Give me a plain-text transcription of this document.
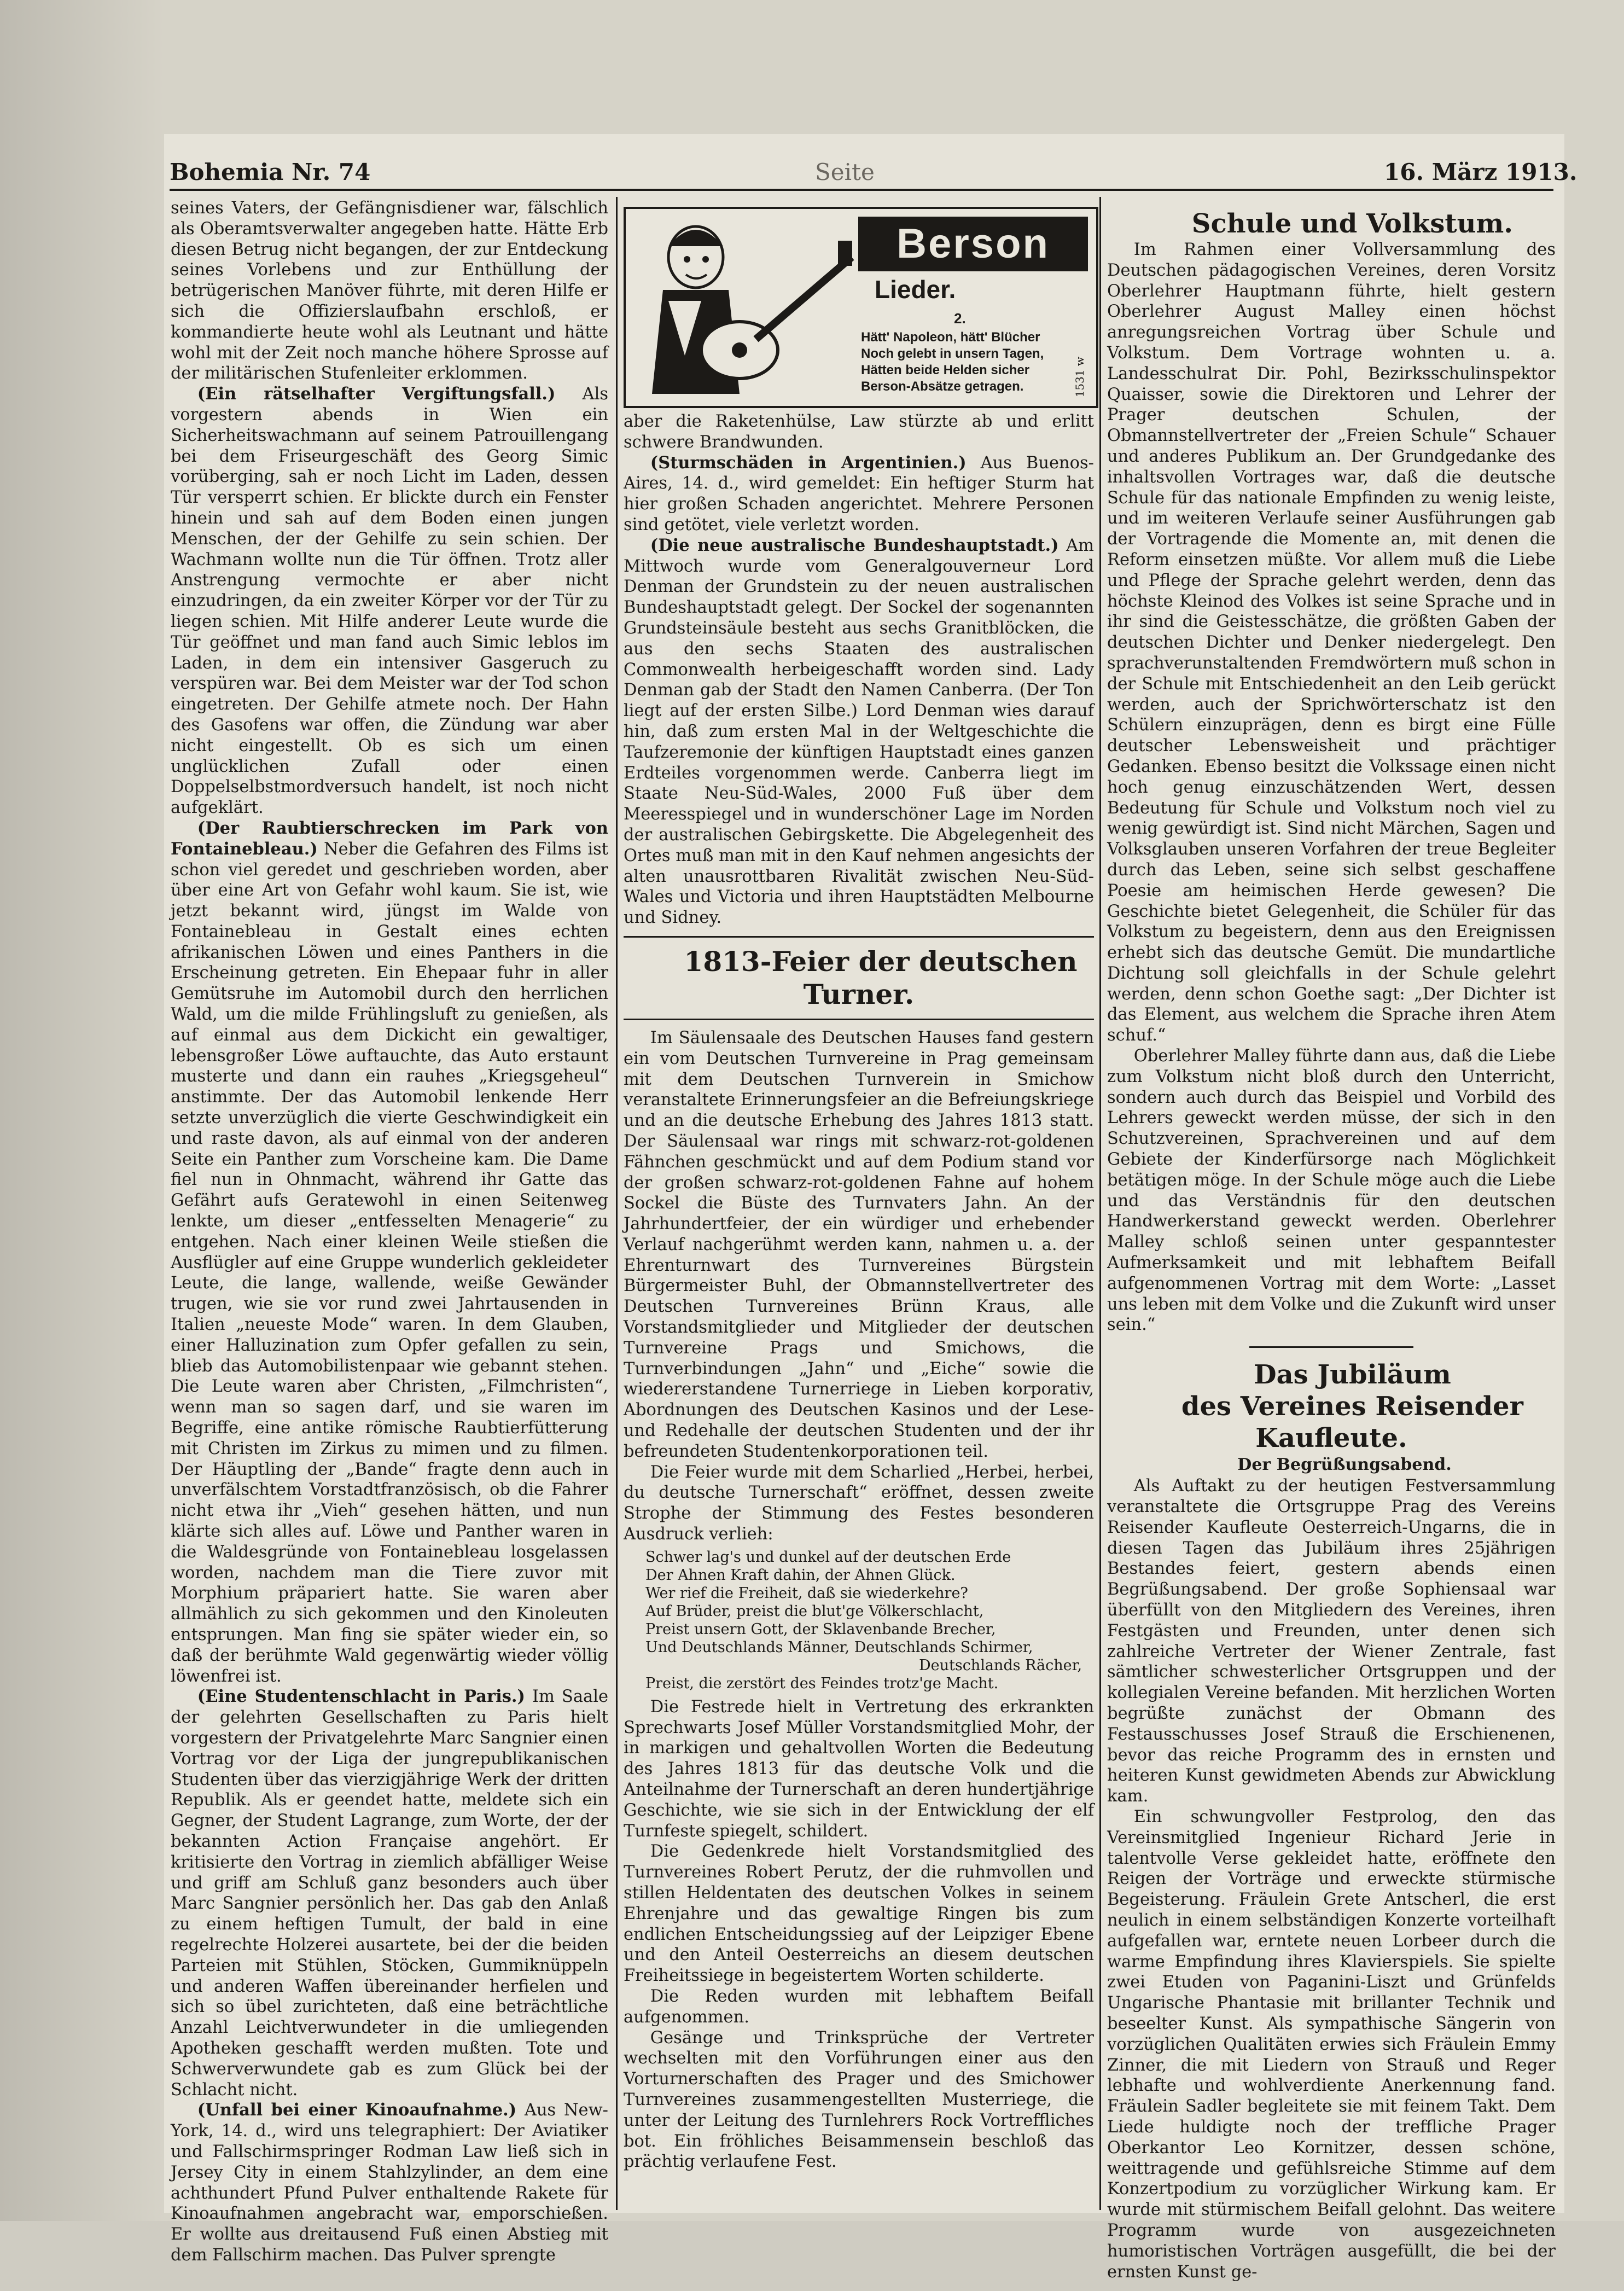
Bohemia Nr. 74	Seite	16. März 1913.

seines Vaters, der Gefängnisdiener war, fälschlich als Oberamtsverwalter angegeben hatte. Hätte Erb diesen Betrug nicht begangen, der zur Entdeckung seines Vorlebens und zur Enthüllung der betrügerischen Manöver führte, mit deren Hilfe er sich die Offizierslaufbahn erschloß, er kommandierte heute wohl als Leutnant und hätte wohl mit der Zeit noch manche höhere Sprosse auf der militärischen Stufenleiter erklommen.

(Ein rätselhafter Vergiftungsfall.) Als vorgestern abends in Wien ein Sicherheitswachmann auf seinem Patrouillengang bei dem Friseurgeschäft des Georg Simic vorüberging, sah er noch Licht im Laden, dessen Tür versperrt schien. Er blickte durch ein Fenster hinein und sah auf dem Boden einen jungen Menschen, der der Gehilfe zu sein schien. Der Wachmann wollte nun die Tür öffnen. Trotz aller Anstrengung vermochte er aber nicht einzudringen, da ein zweiter Körper vor der Tür zu liegen schien. Mit Hilfe anderer Leute wurde die Tür geöffnet und man fand auch Simic leblos im Laden, in dem ein intensiver Gasgeruch zu verspüren war. Bei dem Meister war der Tod schon eingetreten. Der Gehilfe atmete noch. Der Hahn des Gasofens war offen, die Zündung war aber nicht eingestellt. Ob es sich um einen unglücklichen Zufall oder einen Doppelselbstmordversuch handelt, ist noch nicht aufgeklärt.

(Der Raubtierschrecken im Park von Fontainebleau.) Neber die Gefahren des Films ist schon viel geredet und geschrieben worden, aber über eine Art von Gefahr wohl kaum. Sie ist, wie jetzt bekannt wird, jüngst im Walde von Fontainebleau in Gestalt eines echten afrikanischen Löwen und eines Panthers in die Erscheinung getreten. Ein Ehepaar fuhr in aller Gemütsruhe im Automobil durch den herrlichen Wald, um die milde Frühlingsluft zu genießen, als auf einmal aus dem Dickicht ein gewaltiger, lebensgroßer Löwe auftauchte, das Auto erstaunt musterte und dann ein rauhes „Kriegsgeheul“ anstimmte. Der das Automobil lenkende Herr setzte unverzüglich die vierte Geschwindigkeit ein und raste davon, als auf einmal von der anderen Seite ein Panther zum Vorscheine kam. Die Dame fiel nun in Ohnmacht, während ihr Gatte das Gefährt aufs Geratewohl in einen Seitenweg lenkte, um dieser „entfesselten Menagerie“ zu entgehen. Nach einer kleinen Weile stießen die Ausflügler auf eine Gruppe wunderlich gekleideter Leute, die lange, wallende, weiße Gewänder trugen, wie sie vor rund zwei Jahrtausenden in Italien „neueste Mode“ waren. In dem Glauben, einer Halluzination zum Opfer gefallen zu sein, blieb das Automobilistenpaar wie gebannt stehen. Die Leute waren aber Christen, „Filmchristen“, wenn man so sagen darf, und sie waren im Begriffe, eine antike römische Raubtierfütterung mit Christen im Zirkus zu mimen und zu filmen. Der Häuptling der „Bande“ fragte denn auch in unverfälschtem Vorstadtfranzösisch, ob die Fahrer nicht etwa ihr „Vieh“ gesehen hätten, und nun klärte sich alles auf. Löwe und Panther waren in die Waldesgründe von Fontainebleau losgelassen worden, nachdem man die Tiere zuvor mit Morphium präpariert hatte. Sie waren aber allmählich zu sich gekommen und den Kinoleuten entsprungen. Man fing sie später wieder ein, so daß der berühmte Wald gegenwärtig wieder völlig löwenfrei ist.

(Eine Studentenschlacht in Paris.) Im Saale der gelehrten Gesellschaften zu Paris hielt vorgestern der Privatgelehrte Marc Sangnier einen Vortrag vor der Liga der jungrepublikanischen Studenten über das vierzigjährige Werk der dritten Republik. Als er geendet hatte, meldete sich ein Gegner, der Student Lagrange, zum Worte, der der bekannten Action Française angehört. Er kritisierte den Vortrag in ziemlich abfälliger Weise und griff am Schluß ganz besonders auch über Marc Sangnier persönlich her. Das gab den Anlaß zu einem heftigen Tumult, der bald in eine regelrechte Holzerei ausartete, bei der die beiden Parteien mit Stühlen, Stöcken, Gummiknüppeln und anderen Waffen übereinander herfielen und sich so übel zurichteten, daß eine beträchtliche Anzahl Leichtverwundeter in die umliegenden Apotheken geschafft werden mußten. Tote und Schwerverwundete gab es zum Glück bei der Schlacht nicht.

(Unfall bei einer Kinoaufnahme.) Aus New-York, 14. d., wird uns telegraphiert: Der Aviatiker und Fallschirmspringer Rodman Law ließ sich in Jersey City in einem Stahlzylinder, an dem eine achthundert Pfund Pulver enthaltende Rakete für Kinoaufnahmen angebracht war, emporschießen. Er wollte aus dreitausend Fuß einen Abstieg mit dem Fallschirm machen. Das Pulver sprengte

Berson
Lieder.
2.
Hätt' Napoleon, hätt' Blücher
Noch gelebt in unsern Tagen,
Hätten beide Helden sicher
Berson-Absätze getragen.	1531 w

aber die Raketenhülse, Law stürzte ab und erlitt schwere Brandwunden.

(Sturmschäden in Argentinien.) Aus Buenos-Aires, 14. d., wird gemeldet: Ein heftiger Sturm hat hier großen Schaden angerichtet. Mehrere Personen sind getötet, viele verletzt worden.

(Die neue australische Bundeshauptstadt.) Am Mittwoch wurde vom Generalgouverneur Lord Denman der Grundstein zu der neuen australischen Bundeshauptstadt gelegt. Der Sockel der sogenannten Grundsteinsäule besteht aus sechs Granitblöcken, die aus den sechs Staaten des australischen Commonwealth herbeigeschafft worden sind. Lady Denman gab der Stadt den Namen Canberra. (Der Ton liegt auf der ersten Silbe.) Lord Denman wies darauf hin, daß zum ersten Mal in der Weltgeschichte die Taufzeremonie der künftigen Hauptstadt eines ganzen Erdteiles vorgenommen werde. Canberra liegt im Staate Neu-Süd-Wales, 2000 Fuß über dem Meeresspiegel und in wunderschöner Lage im Norden der australischen Gebirgskette. Die Abgelegenheit des Ortes muß man mit in den Kauf nehmen angesichts der alten unausrottbaren Rivalität zwischen Neu-Süd-Wales und Victoria und ihren Hauptstädten Melbourne und Sidney.

1813-Feier der deutschen Turner.

Im Säulensaale des Deutschen Hauses fand gestern ein vom Deutschen Turnvereine in Prag gemeinsam mit dem Deutschen Turnverein in Smichow veranstaltete Erinnerungsfeier an die Befreiungskriege und an die deutsche Erhebung des Jahres 1813 statt. Der Säulensaal war rings mit schwarz-rot-goldenen Fähnchen geschmückt und auf dem Podium stand vor der großen schwarz-rot-goldenen Fahne auf hohem Sockel die Büste des Turnvaters Jahn. An der Jahrhundertfeier, der ein würdiger und erhebender Verlauf nachgerühmt werden kann, nahmen u. a. der Ehrenturnwart des Turnvereines Bürgstein Bürgermeister Buhl, der Obmannstellvertreter des Deutschen Turnvereines Brünn Kraus, alle Vorstandsmitglieder und Mitglieder der deutschen Turnvereine Prags und Smichows, die Turnverbindungen „Jahn“ und „Eiche“ sowie die wiedererstandene Turnerriege in Lieben korporativ, Abordnungen des Deutschen Kasinos und der Lese- und Redehalle der deutschen Studenten und der ihr befreundeten Studentenkorporationen teil.

Die Feier wurde mit dem Scharlied „Herbei, herbei, du deutsche Turnerschaft“ eröffnet, dessen zweite Strophe der Stimmung des Festes besonderen Ausdruck verlieh:

Schwer lag's und dunkel auf der deutschen Erde
Der Ahnen Kraft dahin, der Ahnen Glück.
Wer rief die Freiheit, daß sie wiederkehre?
Auf Brüder, preist die blut'ge Völkerschlacht,
Preist unsern Gott, der Sklavenbande Brecher,
Und Deutschlands Männer, Deutschlands Schirmer,
Deutschlands Rächer,
Preist, die zerstört des Feindes trotz'ge Macht.

Die Festrede hielt in Vertretung des erkrankten Sprechwarts Josef Müller Vorstandsmitglied Mohr, der in markigen und gehaltvollen Worten die Bedeutung des Jahres 1813 für das deutsche Volk und die Anteilnahme der Turnerschaft an deren hundertjährige Geschichte, wie sie sich in der Entwicklung der elf Turnfeste spiegelt, schildert.

Die Gedenkrede hielt Vorstandsmitglied des Turnvereines Robert Perutz, der die ruhmvollen und stillen Heldentaten des deutschen Volkes in seinem Ehrenjahre und das gewaltige Ringen bis zum endlichen Entscheidungssieg auf der Leipziger Ebene und den Anteil Oesterreichs an diesem deutschen Freiheitssiege in begeistertem Worten schilderte.

Die Reden wurden mit lebhaftem Beifall aufgenommen.

Gesänge und Trinksprüche der Vertreter wechselten mit den Vorführungen einer aus den Vorturnerschaften des Prager und des Smichower Turnvereines zusammengestellten Musterriege, die unter der Leitung des Turnlehrers Rock Vortreffliches bot. Ein fröhliches Beisammensein beschloß das prächtig verlaufene Fest.

Schule und Volkstum.

Im Rahmen einer Vollversammlung des Deutschen pädagogischen Vereines, deren Vorsitz Oberlehrer Hauptmann führte, hielt gestern Oberlehrer August Malley einen höchst anregungsreichen Vortrag über Schule und Volkstum. Dem Vortrage wohnten u. a. Landesschulrat Dir. Pohl, Bezirksschulinspektor Quaisser, sowie die Direktoren und Lehrer der Prager deutschen Schulen, der Obmannstellvertreter der „Freien Schule“ Schauer und anderes Publikum an. Der Grundgedanke des inhaltsvollen Vortrages war, daß die deutsche Schule für das nationale Empfinden zu wenig leiste, und im weiteren Verlaufe seiner Ausführungen gab der Vortragende die Momente an, mit denen die Reform einsetzen müßte. Vor allem muß die Liebe und Pflege der Sprache gelehrt werden, denn das höchste Kleinod des Volkes ist seine Sprache und in ihr sind die Geistesschätze, die größten Gaben der deutschen Dichter und Denker niedergelegt. Den sprachverunstaltenden Fremdwörtern muß schon in der Schule mit Entschiedenheit an den Leib gerückt werden, auch der Sprichwörterschatz ist den Schülern einzuprägen, denn es birgt eine Fülle deutscher Lebensweisheit und prächtiger Gedanken. Ebenso besitzt die Volkssage einen nicht hoch genug einzuschätzenden Wert, dessen Bedeutung für Schule und Volkstum noch viel zu wenig gewürdigt ist. Sind nicht Märchen, Sagen und Volksglauben unseren Vorfahren der treue Begleiter durch das Leben, seine sich selbst geschaffene Poesie am heimischen Herde gewesen? Die Geschichte bietet Gelegenheit, die Schüler für das Volkstum zu begeistern, denn aus den Ereignissen erhebt sich das deutsche Gemüt. Die mundartliche Dichtung soll gleichfalls in der Schule gelehrt werden, denn schon Goethe sagt: „Der Dichter ist das Element, aus welchem die Sprache ihren Atem schuf.“

Oberlehrer Malley führte dann aus, daß die Liebe zum Volkstum nicht bloß durch den Unterricht, sondern auch durch das Beispiel und Vorbild des Lehrers geweckt werden müsse, der sich in den Schutzvereinen, Sprachvereinen und auf dem Gebiete der Kinderfürsorge nach Möglichkeit betätigen möge. In der Schule möge auch die Liebe und das Verständnis für den deutschen Handwerkerstand geweckt werden. Oberlehrer Malley schloß seinen unter gespanntester Aufmerksamkeit und mit lebhaftem Beifall aufgenommenen Vortrag mit dem Worte: „Lasset uns leben mit dem Volke und die Zukunft wird unser sein.“

Das Jubiläum

des Vereines Reisender Kaufleute.

Der Begrüßungsabend.

Als Auftakt zu der heutigen Festversammlung veranstaltete die Ortsgruppe Prag des Vereins Reisender Kaufleute Oesterreich-Ungarns, die in diesen Tagen das Jubiläum ihres 25jährigen Bestandes feiert, gestern abends einen Begrüßungsabend. Der große Sophiensaal war überfüllt von den Mitgliedern des Vereines, ihren Festgästen und Freunden, unter denen sich zahlreiche Vertreter der Wiener Zentrale, fast sämtlicher schwesterlicher Ortsgruppen und der kollegialen Vereine befanden. Mit herzlichen Worten begrüßte zunächst der Obmann des Festausschusses Josef Strauß die Erschienenen, bevor das reiche Programm des in ernsten und heiteren Kunst gewidmeten Abends zur Abwicklung kam.

Ein schwungvoller Festprolog, den das Vereinsmitglied Ingenieur Richard Jerie in talentvolle Verse gekleidet hatte, eröffnete den Reigen der Vorträge und erweckte stürmische Begeisterung. Fräulein Grete Antscherl, die erst neulich in einem selbständigen Konzerte vorteilhaft aufgefallen war, erntete neuen Lorbeer durch die warme Empfindung ihres Klavierspiels. Sie spielte zwei Etuden von Paganini-Liszt und Grünfelds Ungarische Phantasie mit brillanter Technik und beseelter Kunst. Als sympathische Sängerin von vorzüglichen Qualitäten erwies sich Fräulein Emmy Zinner, die mit Liedern von Strauß und Reger lebhafte und wohlverdiente Anerkennung fand. Fräulein Sadler begleitete sie mit feinem Takt. Dem Liede huldigte noch der treffliche Prager Oberkantor Leo Kornitzer, dessen schöne, weittragende und gefühlsreiche Stimme auf dem Konzertpodium zu vorzüglicher Wirkung kam. Er wurde mit stürmischem Beifall gelohnt. Das weitere Programm wurde von ausgezeichneten humoristischen Vorträgen ausgefüllt, die bei der ernsten Kunst ge-
